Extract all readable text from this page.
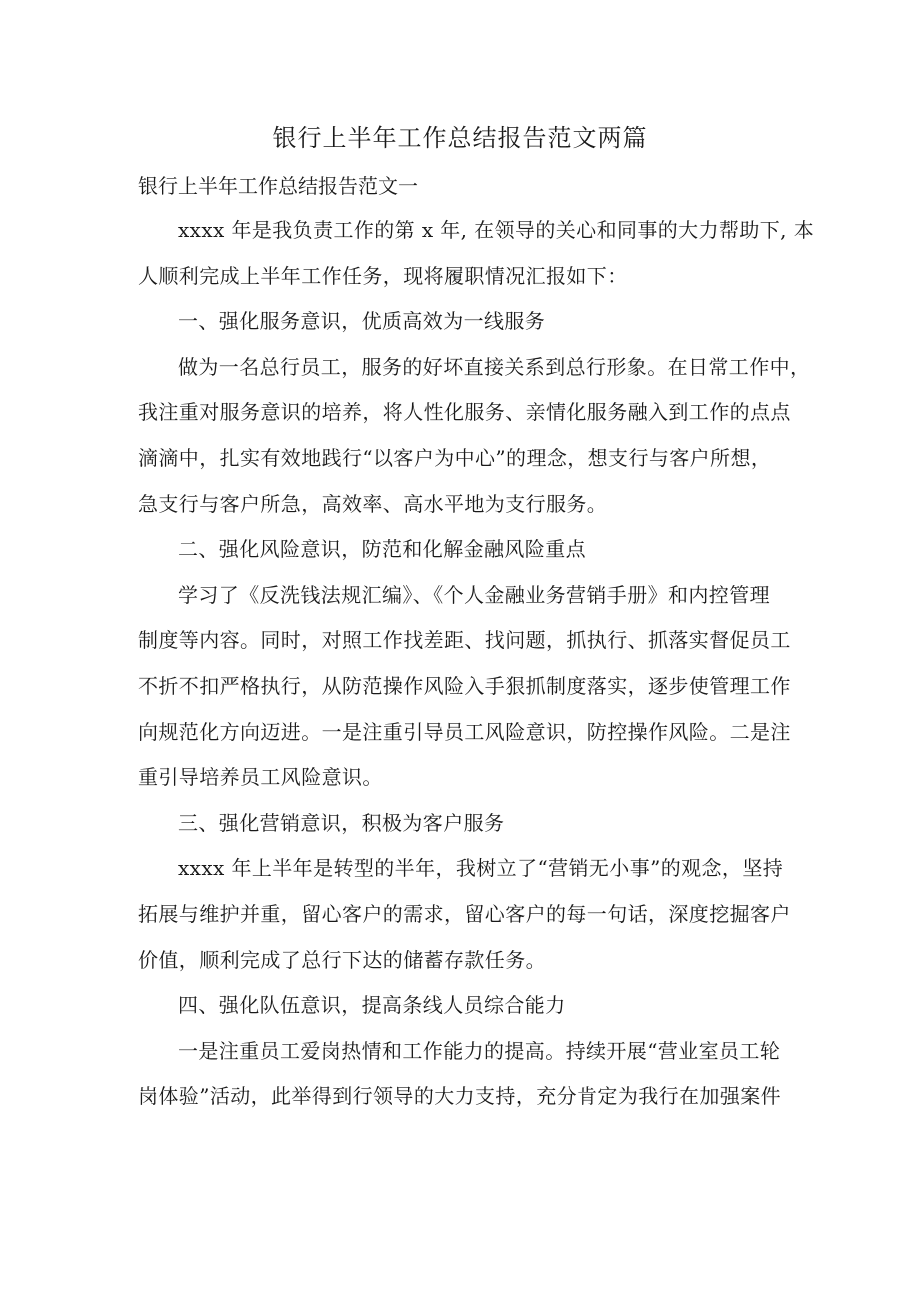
银行上半年工作总结报告范文两篇
银行上半年工作总结报告范文一
xxxx 年是我负责工作的第 x 年, 在领导的关心和同事的大力帮助下, 本
人顺利完成上半年工作任务，现将履职情况汇报如下：

一、强化服务意识，优质高效为一线服务

做为一名总行员工，服务的好坏直接关系到总行形象。在日常工作中，
我注重对服务意识的培养，将人性化服务、亲情化服务融入到工作的点点
滴滴中，扎实有效地践行“以客户为中心”的理念，想支行与客户所想，
急支行与客户所急，高效率、高水平地为支行服务。

二、强化风险意识，防范和化解金融风险重点

学习了《反洗钱法规汇编》、《个人金融业务营销手册》和内控管理
制度等内容。同时，对照工作找差距、找问题，抓执行、抓落实督促员工
不折不扣严格执行，从防范操作风险入手狠抓制度落实，逐步使管理工作
向规范化方向迈进。一是注重引导员工风险意识，防控操作风险。二是注
重引导培养员工风险意识。

三、强化营销意识，积极为客户服务

xxxx 年上半年是转型的半年，我树立了“营销无小事”的观念，坚持
拓展与维护并重，留心客户的需求，留心客户的每一句话，深度挖掘客户
价值，顺利完成了总行下达的储蓄存款任务。

四、强化队伍意识，提高条线人员综合能力

一是注重员工爱岗热情和工作能力的提高。持续开展“营业室员工轮
岗体验”活动，此举得到行领导的大力支持，充分肯定为我行在加强案件
